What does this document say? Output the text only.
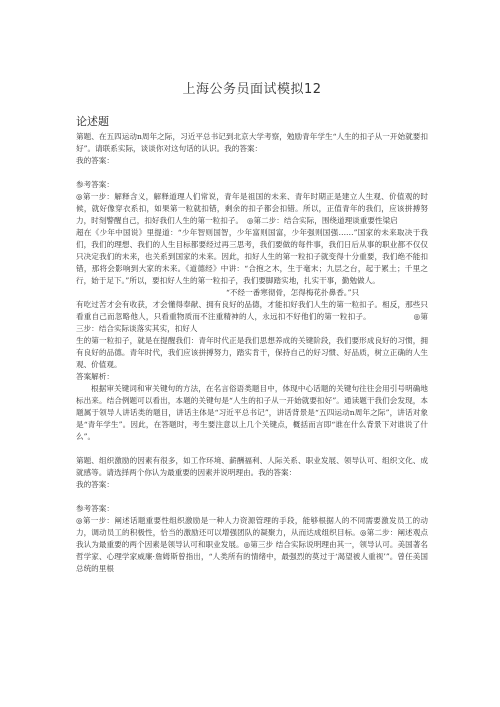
上海公务员面试模拟12
论述题

第题、在五四运动n周年之际，习近平总书记到北京大学考察，勉励青年学生“人生的扣子从一开始就要扣好”。请联系实际，谈谈你对这句话的认识。我的答案：

我的答案：

参考答案：

◎第一步：解释含义，解释道理人们常说，青年是祖国的未来、青年时期正是建立人生观、价值观的时候，就好像穿衣系扣，如果第一粒就扣错，剩余的扣子都会扣错。所以，正值青年的我们，应该拼搏努力，时刻警醒自己，扣好我们人生的第一粒扣子。　◎第二步：结合实际，围绕道理谈重要性梁启

超在《少年中国说》里提道：“少年智则国智，少年富则国富，少年强则国强……”国家的未来取决于我们，我们的理想、我们的人生目标都要经过再三思考，我们要做的每件事，我们日后从事的职业都不仅仅只决定我们的未来，也关系到国家的未来。因此，扣好人生的第一粒扣子就变得十分重要，我们绝不能扣错，那将会影响到大家的未来。《道德经》中讲：“合抱之木，生于毫末；九层之台，起于累土；千里之行，始于足下。”所以，要扣好人生的第一粒扣子，我们要脚踏实地，扎实干事，勤勉做人。

“不经一番寒彻骨，怎得梅花扑鼻香。”只

有吃过苦才会有收获，才会懂得奉献、拥有良好的品德，才能扣好我们人生的第一粒扣子。相反，那些只看重自己而忽略他人，只看重物质而不注重精神的人，永远扣不好他们的第一粒扣子。　　　　　　◎第三步：结合实际谈落实其实，扣好人

生的第一粒扣子，就是在提醒我们：青年时代正是我们思想养成的关键阶段，我们要形成良好的习惯，拥有良好的品德。青年时代，我们应该拼搏努力，踏实肯干，保持自己的好习惯、好品质，树立正确的人生观、价值观。

答案解析：

根据审关键词和审关键句的方法，在名言俗语类题目中，体现中心话题的关键句往往会用引号明确地标出来。结合例题可以看出，本题的关键句是“人生的扣子从一开始就要扣好”。通读题干我们会发现，本题属于领导人讲话类的题目，讲话主体是“习近平总书记”，讲话背景是“五四运动n周年之际”，讲话对象是“青年学生”。因此，在答题时，考生要注意以上几个关键点，概括而言即“谁在什么背景下对谁说了什么”。

第题、组织激励的因素有很多，如工作环境、薪酬福利、人际关系、职业发展、领导认可、组织文化、成就感等。请选择两个你认为最重要的因素并说明理由。我的答案：

我的答案：

参考答案：

◎第一步：阐述话题重要性组织激励是一种人力资源管理的手段，能够根据人的不同需要激发员工的动力，调动员工的积极性，恰当的激励还可以增强团队的凝聚力，从而达成组织目标。◎第二步：阐述观点我认为最重要的两个因素是领导认可和职业发展。◎第三步 结合实际说明理由其一，领导认可。美国著名哲学家、心理学家威廉·詹姆斯曾指出，“人类所有的情绪中，最强烈的莫过于‘渴望被人重视’”。曾任美国总统的里根
